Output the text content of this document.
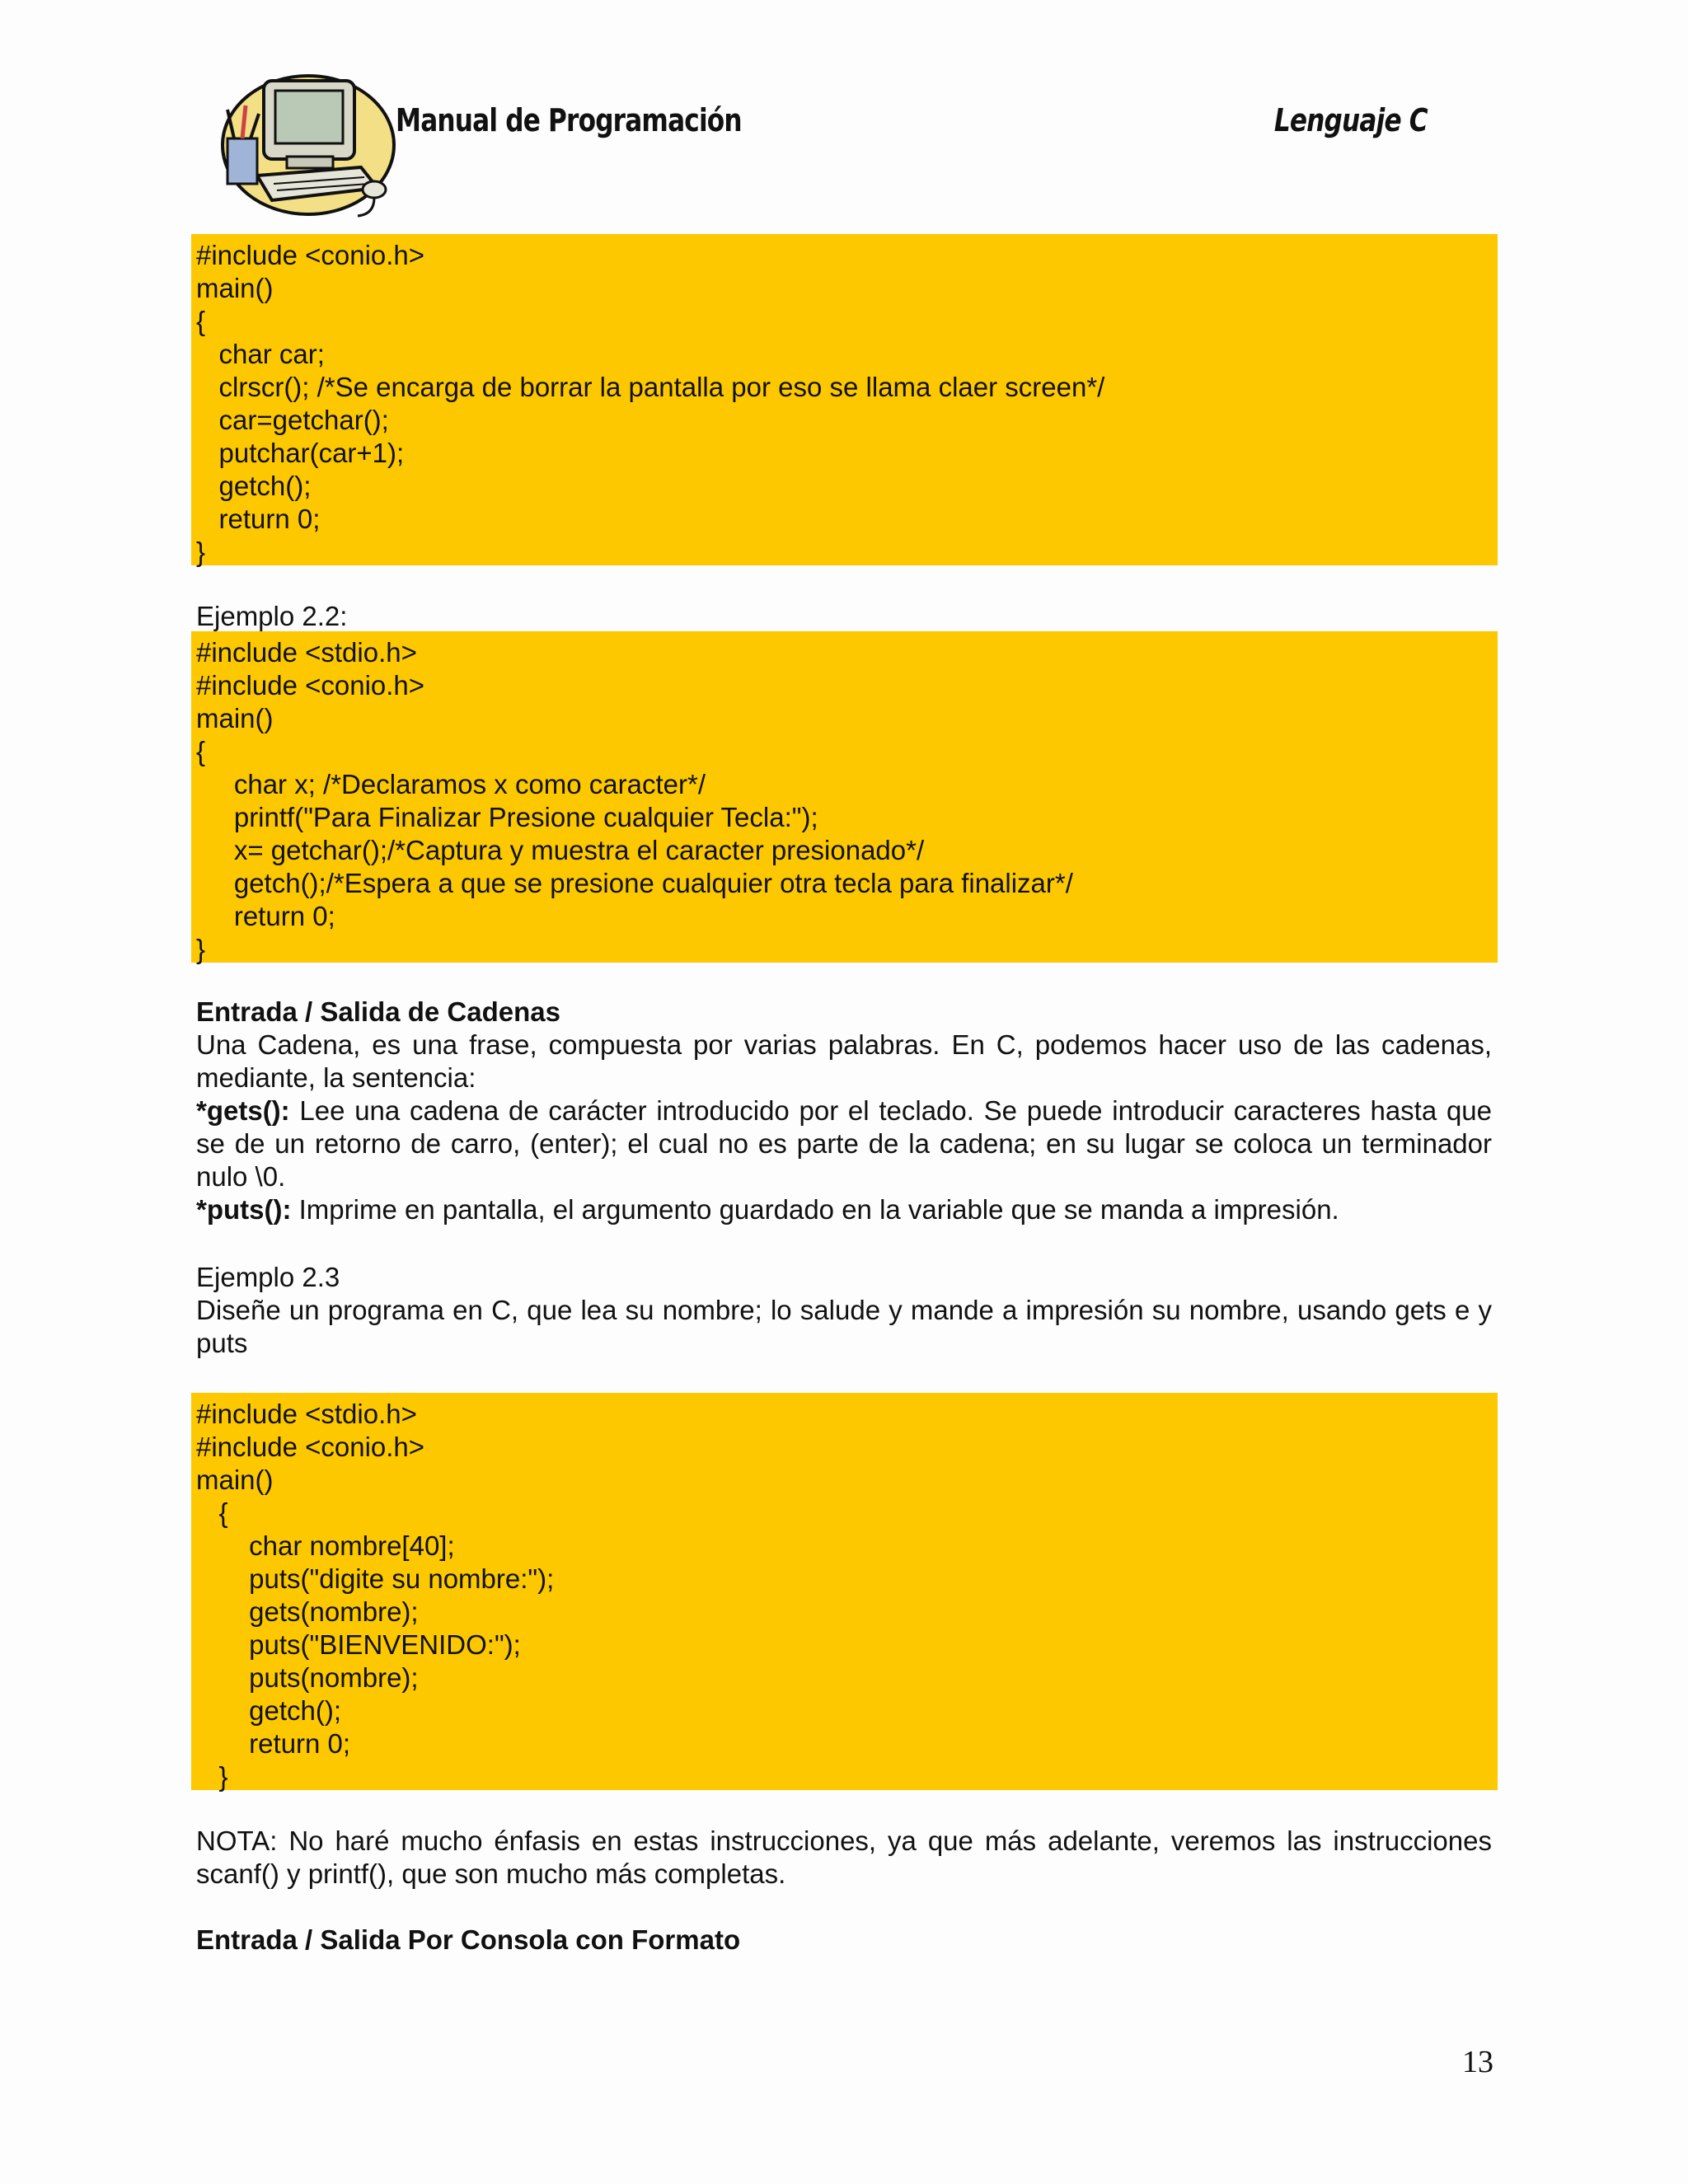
Manual de Programación	Lenguaje C
#include <conio.h>
main()
{
char car;
clrscr(); /*Se encarga de borrar la pantalla por eso se llama claer screen*/
car=getchar();
putchar(car+1);
getch();
return 0;
}
Ejemplo 2.2:
#include <stdio.h>
#include <conio.h>
main()
{
char x; /*Declaramos x como caracter*/
printf("Para Finalizar Presione cualquier Tecla:");
x= getchar();/*Captura y muestra el caracter presionado*/
getch();/*Espera a que se presione cualquier otra tecla para finalizar*/
return 0;
}
Entrada / Salida de Cadenas
Una Cadena, es una frase, compuesta por varias palabras. En C, podemos hacer uso de las cadenas, mediante, la sentencia:
*gets(): Lee una cadena de carácter introducido por el teclado. Se puede introducir caracteres hasta que se de un retorno de carro, (enter); el cual no es parte de la cadena; en su lugar se coloca un terminador nulo \0.
*puts(): Imprime en pantalla, el argumento guardado en la variable que se manda a impresión.
Ejemplo 2.3
Diseñe un programa en C, que lea su nombre; lo salude y mande a impresión su nombre, usando gets e y puts
#include <stdio.h>
#include <conio.h>
main()
{
char nombre[40];
puts("digite su nombre:");
gets(nombre);
puts("BIENVENIDO:");
puts(nombre);
getch();
return 0;
}
NOTA: No haré mucho énfasis en estas instrucciones, ya que más adelante, veremos las instrucciones scanf() y printf(), que son mucho más completas.
Entrada / Salida Por Consola con Formato
13
